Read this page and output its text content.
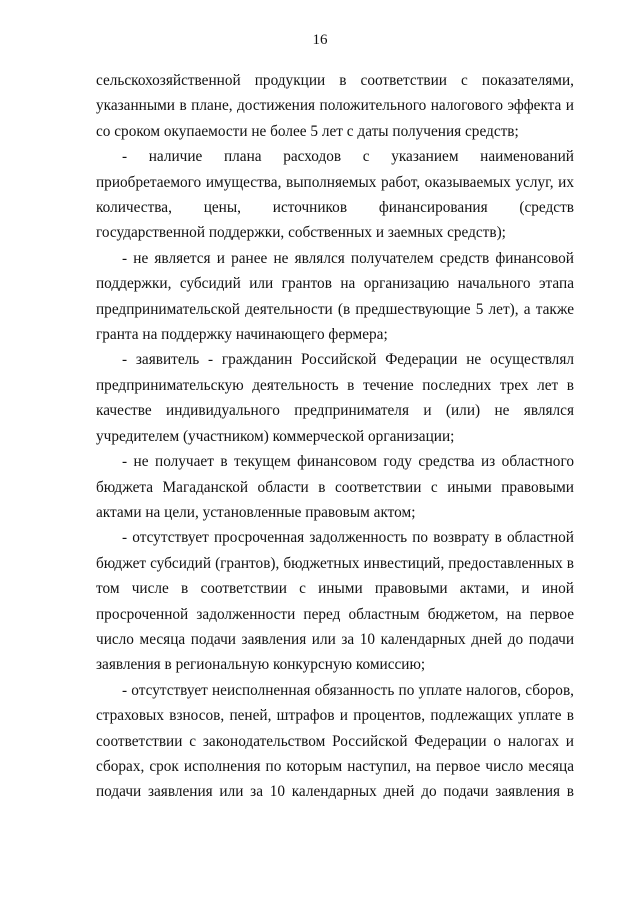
16

сельскохозяйственной продукции в соответствии с показателями, указанными в плане, достижения положительного налогового эффекта и со сроком окупаемости не более 5 лет с даты получения средств;

- наличие плана расходов с указанием наименований приобретаемого имущества, выполняемых работ, оказываемых услуг, их количества, цены, источников финансирования (средств государственной поддержки, собственных и заемных средств);

- не является и ранее не являлся получателем средств финансовой поддержки, субсидий или грантов на организацию начального этапа предпринимательской деятельности (в предшествующие 5 лет), а также гранта на поддержку начинающего фермера;

- заявитель - гражданин Российской Федерации не осуществлял предпринимательскую деятельность в течение последних трех лет в качестве индивидуального предпринимателя и (или) не являлся учредителем (участником) коммерческой организации;

- не получает в текущем финансовом году средства из областного бюджета Магаданской области в соответствии с иными правовыми актами на цели, установленные правовым актом;

- отсутствует просроченная задолженность по возврату в областной бюджет субсидий (грантов), бюджетных инвестиций, предоставленных в том числе в соответствии с иными правовыми актами, и иной просроченной задолженности перед областным бюджетом, на первое число месяца подачи заявления или за 10 календарных дней до подачи заявления в региональную конкурсную комиссию;

- отсутствует неисполненная обязанность по уплате налогов, сборов, страховых взносов, пеней, штрафов и процентов, подлежащих уплате в соответствии с законодательством Российской Федерации о налогах и сборах, срок исполнения по которым наступил, на первое число месяца подачи заявления или за 10 календарных дней до подачи заявления в
